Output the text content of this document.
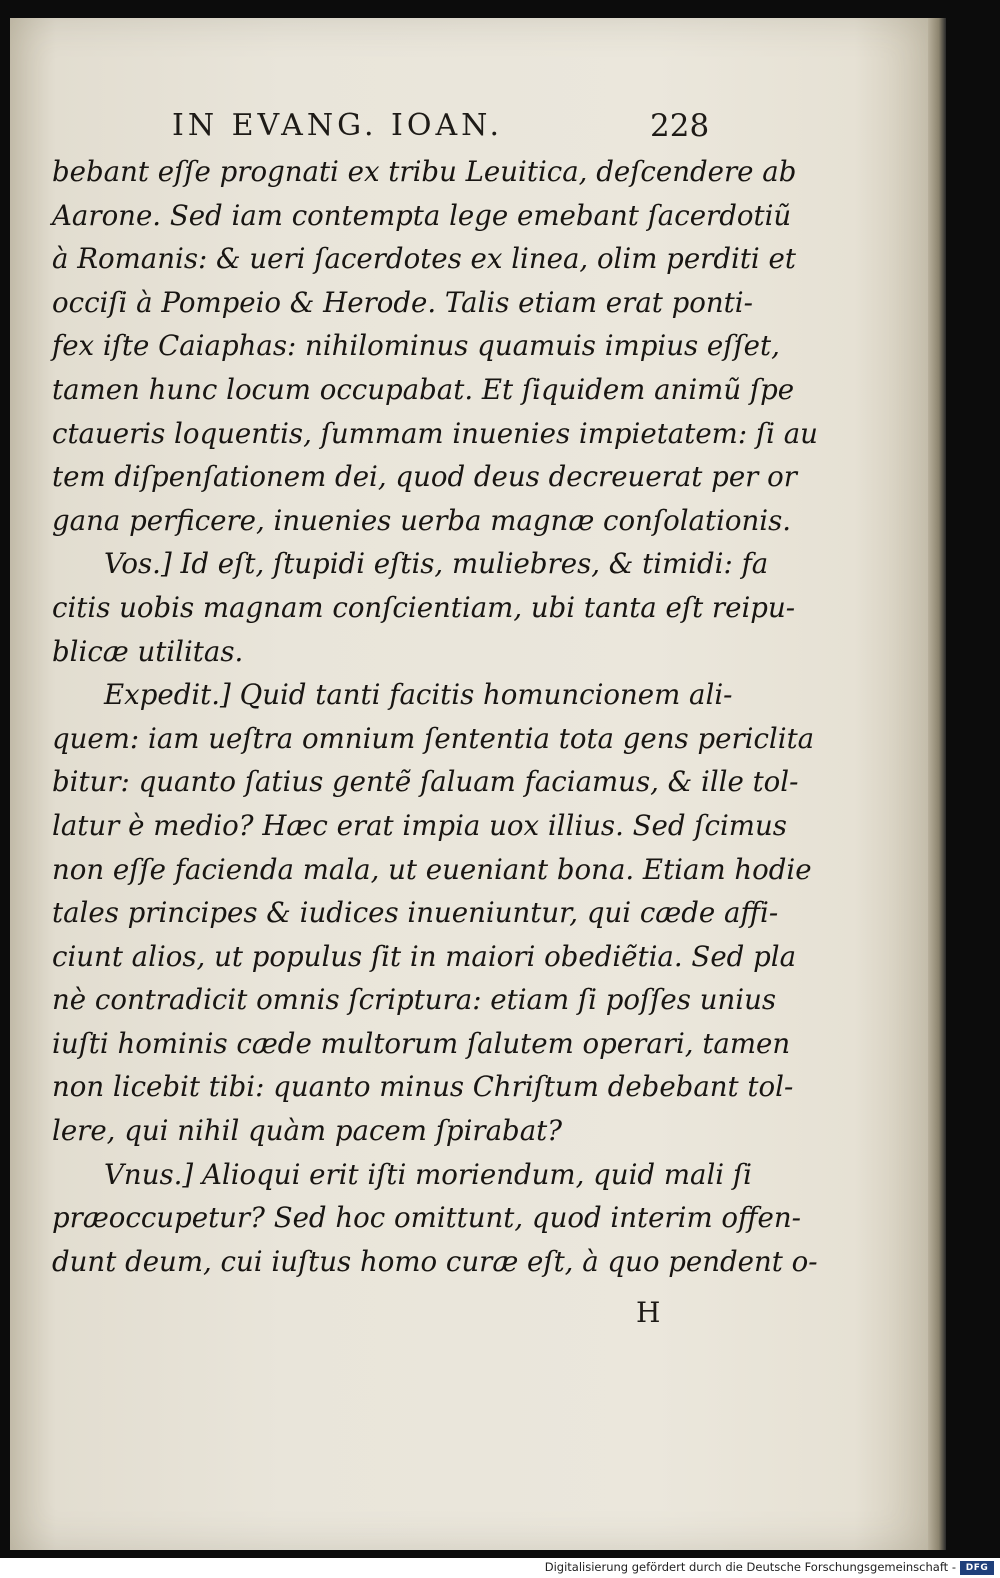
IN EVANG. IOAN.	228
bebant eſſe prognati ex tribu Leuitica, deſcendere ab
Aarone. Sed iam contempta lege emebant ſacerdotiũ
à Romanis: & ueri ſacerdotes ex linea, olim perditi et
occiſi à Pompeio & Herode. Talis etiam erat ponti-
fex iſte Caiaphas: nihilominus quamuis impius eſſet,
tamen hunc locum occupabat. Et ſiquidem animũ ſpe
ctaueris loquentis, ſummam inuenies impietatem: ſi au
tem diſpenſationem dei, quod deus decreuerat per or
gana perficere, inuenies uerba magnæ conſolationis.
Vos.] Id eſt, ſtupidi eſtis, muliebres, & timidi: fa
citis uobis magnam conſcientiam, ubi tanta eſt reipu-
blicæ utilitas.
Expedit.] Quid tanti facitis homuncionem ali-
quem: iam ueſtra omnium ſententia tota gens periclita
bitur: quanto ſatius gentẽ ſaluam faciamus, & ille tol-
latur è medio? Hæc erat impia uox illius. Sed ſcimus
non eſſe facienda mala, ut eueniant bona. Etiam hodie
tales principes & iudices inueniuntur, qui cæde affi-
ciunt alios, ut populus ſit in maiori obediẽtia. Sed pla
nè contradicit omnis ſcriptura: etiam ſi poſſes unius
iuſti hominis cæde multorum ſalutem operari, tamen
non licebit tibi: quanto minus Chriſtum debebant tol-
lere, qui nihil quàm pacem ſpirabat?
Vnus.] Alioqui erit iſti moriendum, quid mali ſi
præoccupetur? Sed hoc omittunt, quod interim offen-
dunt deum, cui iuſtus homo curæ eſt, à quo pendent o-
H
Digitalisierung gefördert durch die Deutsche Forschungsgemeinschaft -	DFG
